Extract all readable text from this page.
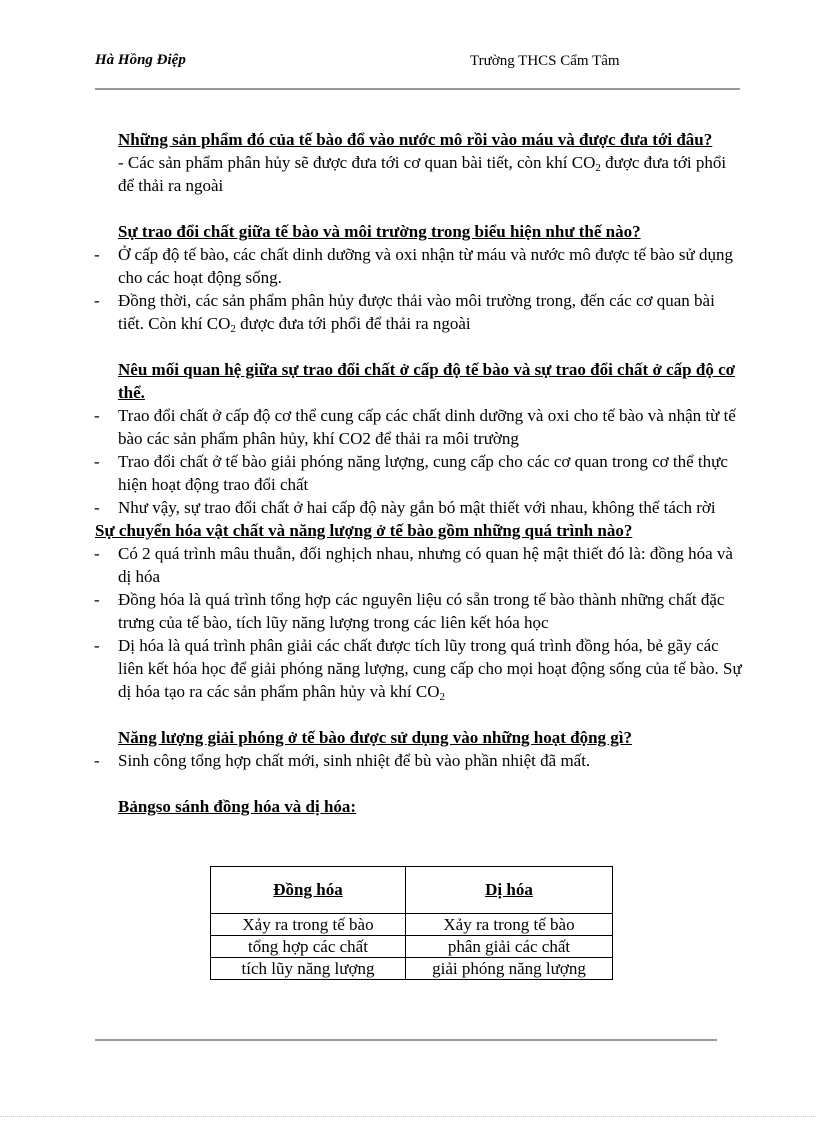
Hà Hồng Điệp	Trường THCS Cẩm Tâm

Những sản phẩm đó của tế bào đổ vào nước mô rồi vào máu và được đưa tới đâu?

- Các sản phẩm phân hủy sẽ được đưa tới cơ quan bài tiết, còn khí $CO_2$ được đưa tới phổi để thải ra ngoài

Sự trao đổi chất giữa tế bào và môi trường trong biểu hiện như thế nào?

- Ở cấp độ tế bào, các chất dinh dưỡng và oxi nhận từ máu và nước mô được tế bào sử dụng cho các hoạt động sống.
- Đồng thời, các sản phẩm phân hủy được thải vào môi trường trong, đến các cơ quan bài tiết. Còn khí $CO_2$ được đưa tới phổi để thải ra ngoài

Nêu mối quan hệ giữa sự trao đổi chất ở cấp độ tế bào và sự trao đổi chất ở cấp độ cơ thể.

- Trao đổi chất ở cấp độ cơ thể cung cấp các chất dinh dưỡng và oxi cho tế bào và nhận từ tế bào các sản phẩm phân hủy, khí CO2 để thải ra môi trường
- Trao đổi chất ở tế bào giải phóng năng lượng, cung cấp cho các cơ quan trong cơ thể thực hiện hoạt động trao đổi chất
- Như vậy, sự trao đổi chất ở hai cấp độ này gắn bó mật thiết với nhau, không thể tách rời

Sự chuyển hóa vật chất và năng lượng ở tế bào gồm những quá trình nào?

- Có 2 quá trình mâu thuẫn, đối nghịch nhau, nhưng có quan hệ mật thiết đó là: đồng hóa và dị hóa
- Đồng hóa là quá trình tổng hợp các nguyên liệu có sẵn trong tế bào thành những chất đặc trưng của tế bào, tích lũy năng lượng trong các liên kết hóa học
- Dị hóa là quá trình phân giải các chất được tích lũy trong quá trình đồng hóa, bẻ gãy các liên kết hóa học để giải phóng năng lượng, cung cấp cho mọi hoạt động sống của tế bào. Sự dị hóa tạo ra các sản phẩm phân hủy và khí $CO_2$

Năng lượng giải phóng ở tế bào được sử dụng vào những hoạt động gì?

- Sinh công tổng hợp chất mới, sinh nhiệt để bù vào phần nhiệt đã mất.

Bảngso sánh đồng hóa và dị hóa:

Đồng hóa	Dị hóa
Xảy ra trong tế bào	Xảy ra trong tế bào
tổng hợp các chất	phân giải các chất
tích lũy năng lượng	giải phóng năng lượng
